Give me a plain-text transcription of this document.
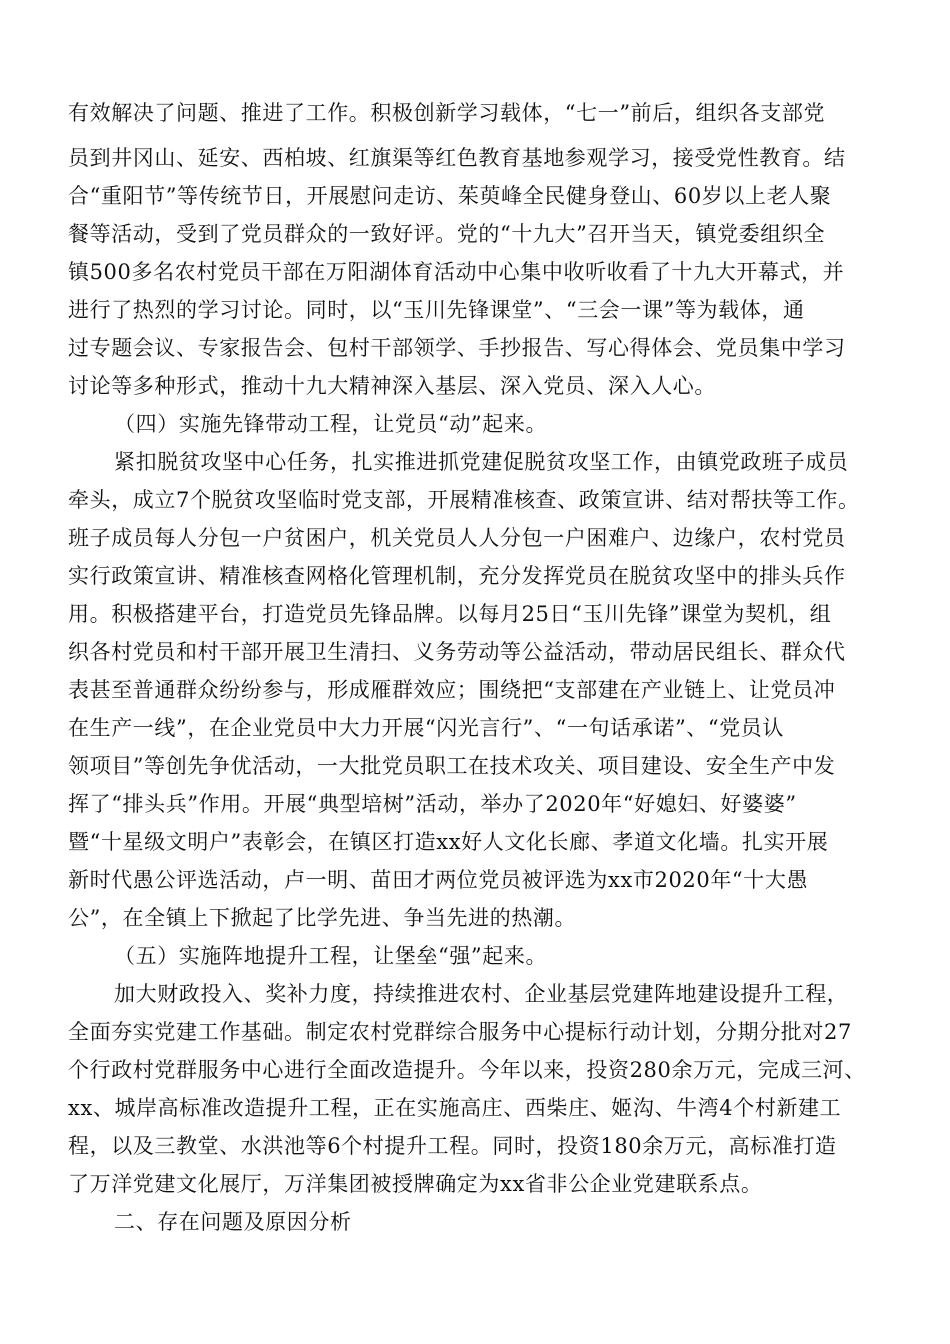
有效解决了问题、推进了工作。积极创新学习载体，“七一”前后，组织各支部党
员到井冈山、延安、西柏坡、红旗渠等红色教育基地参观学习，接受党性教育。结
合“重阳节”等传统节日，开展慰问走访、茱萸峰全民健身登山、60岁以上老人聚
餐等活动，受到了党员群众的一致好评。党的“十九大”召开当天，镇党委组织全
镇500多名农村党员干部在万阳湖体育活动中心集中收听收看了十九大开幕式，并
进行了热烈的学习讨论。同时，以“玉川先锋课堂”、“三会一课”等为载体，通
过专题会议、专家报告会、包村干部领学、手抄报告、写心得体会、党员集中学习
讨论等多种形式，推动十九大精神深入基层、深入党员、深入人心。
（四）实施先锋带动工程，让党员“动”起来。
紧扣脱贫攻坚中心任务，扎实推进抓党建促脱贫攻坚工作，由镇党政班子成员
牵头，成立7个脱贫攻坚临时党支部，开展精准核查、政策宣讲、结对帮扶等工作。
班子成员每人分包一户贫困户，机关党员人人分包一户困难户、边缘户，农村党员
实行政策宣讲、精准核查网格化管理机制，充分发挥党员在脱贫攻坚中的排头兵作
用。积极搭建平台，打造党员先锋品牌。以每月25日“玉川先锋”课堂为契机，组
织各村党员和村干部开展卫生清扫、义务劳动等公益活动，带动居民组长、群众代
表甚至普通群众纷纷参与，形成雁群效应；围绕把“支部建在产业链上、让党员冲
在生产一线”，在企业党员中大力开展“闪光言行”、“一句话承诺”、“党员认
领项目”等创先争优活动，一大批党员职工在技术攻关、项目建设、安全生产中发
挥了“排头兵”作用。开展“典型培树”活动，举办了2020年“好媳妇、好婆婆”
暨“十星级文明户”表彰会，在镇区打造xx好人文化长廊、孝道文化墙。扎实开展
新时代愚公评选活动，卢一明、苗田才两位党员被评选为xx市2020年“十大愚
公”，在全镇上下掀起了比学先进、争当先进的热潮。
（五）实施阵地提升工程，让堡垒“强”起来。
加大财政投入、奖补力度，持续推进农村、企业基层党建阵地建设提升工程，
全面夯实党建工作基础。制定农村党群综合服务中心提标行动计划，分期分批对27
个行政村党群服务中心进行全面改造提升。今年以来，投资280余万元，完成三河、
xx、城岸高标准改造提升工程，正在实施高庄、西柴庄、姬沟、牛湾4个村新建工
程，以及三教堂、水洪池等6个村提升工程。同时，投资180余万元，高标准打造
了万洋党建文化展厅，万洋集团被授牌确定为xx省非公企业党建联系点。
二、存在问题及原因分析
